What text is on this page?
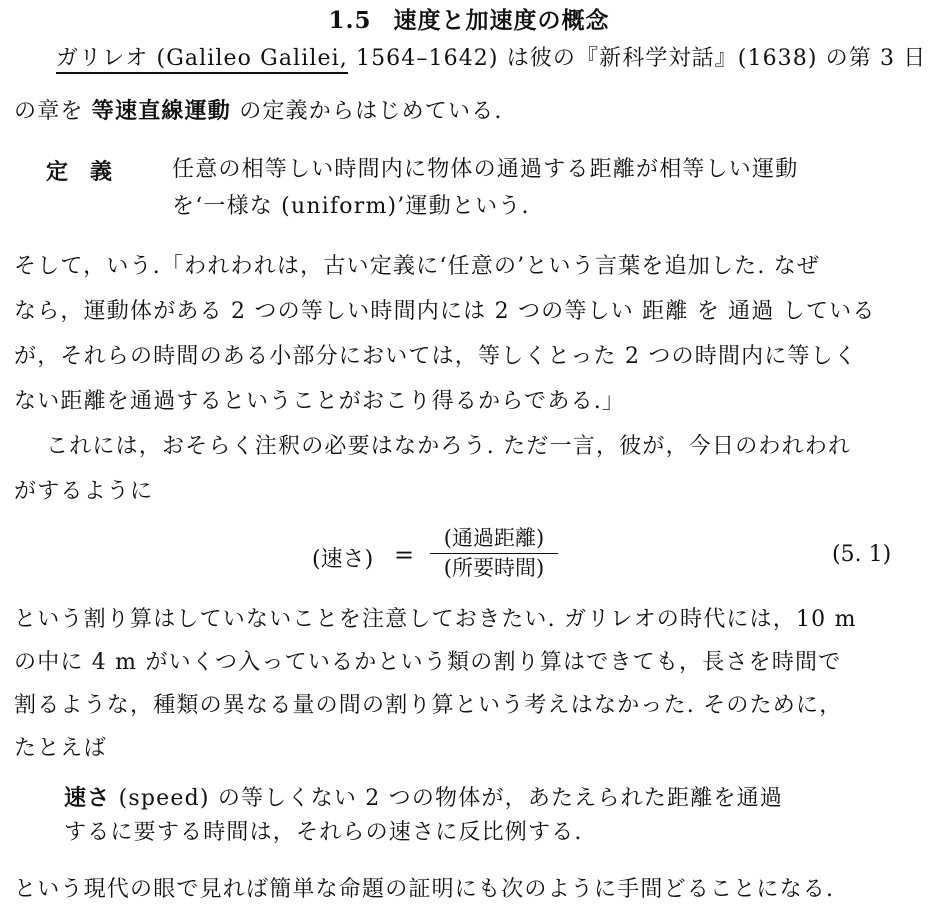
1.5 速度と加速度の概念
ガリレオ (Galileo Galilei, 1564–1642) は彼の『新科学対話』(1638) の第 3 日
の章を 等速直線運動 の定義からはじめている.
定義 任意の相等しい時間内に物体の通過する距離が相等しい運動
を‘一様な (uniform)’運動という.
そして，いう.「われわれは，古い定義に‘任意の’という言葉を追加した. なぜ
なら，運動体がある 2 つの等しい時間内には 2 つの等しい 距離 を 通過 している
が，それらの時間のある小部分においては，等しくとった 2 つの時間内に等しく
ない距離を通過するということがおこり得るからである.」
これには，おそらく注釈の必要はなかろう. ただ一言，彼が，今日のわれわれ
がするように
(速さ) =
(通過距離)
(所要時間)
(5. 1)
という割り算はしていないことを注意しておきたい. ガリレオの時代には，10 m
の中に 4 m がいくつ入っているかという類の割り算はできても，長さを時間で
割るような，種類の異なる量の間の割り算という考えはなかった. そのために，
たとえば
速さ (speed) の等しくない 2 つの物体が，あたえられた距離を通過
するに要する時間は，それらの速さに反比例する.
という現代の眼で見れば簡単な命題の証明にも次のように手間どることになる.
